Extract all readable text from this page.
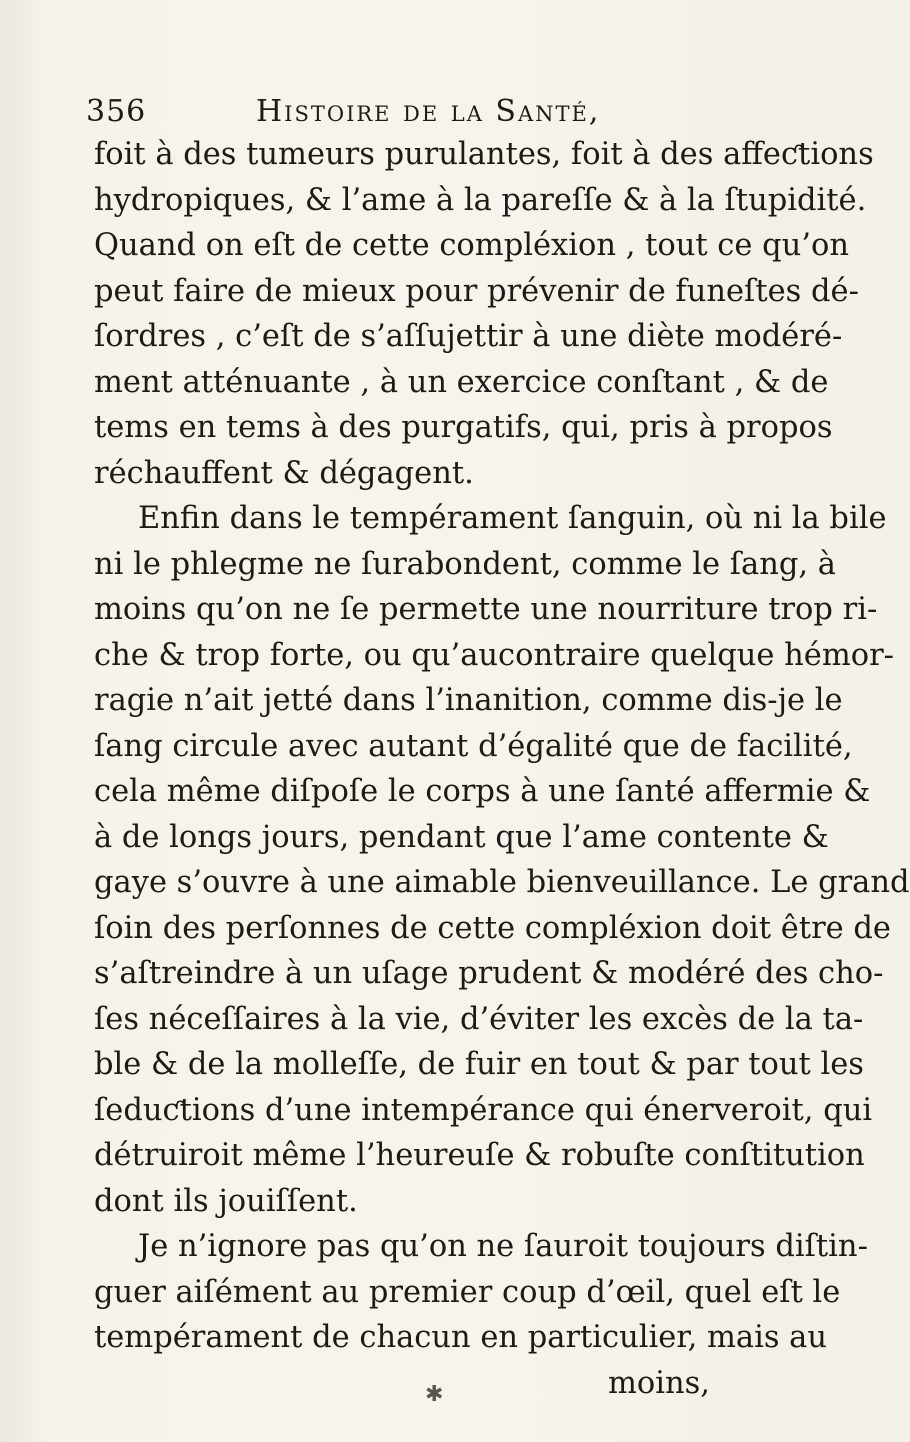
356	Histoire de la Santé,
foit à des tumeurs purulantes, foit à des affeƈtions
hydropiques, & l’ame à la pareſſe & à la ſtupidité.
Quand on eſt de cette compléxion , tout ce qu’on
peut faire de mieux pour prévenir de funeſtes dé-
ſordres , c’eſt de s’aſſujettir à une diète modéré-
ment atténuante , à un exercice conſtant , & de
tems en tems à des purgatifs, qui, pris à propos
réchauffent & dégagent.
Enfin dans le tempérament ſanguin, où ni la bile
ni le phlegme ne ſurabondent, comme le ſang, à
moins qu’on ne ſe permette une nourriture trop ri-
che & trop forte, ou qu’aucontraire quelque hémor-
ragie n’ait jetté dans l’inanition, comme dis-je le
ſang circule avec autant d’égalité que de facilité,
cela même diſpoſe le corps à une ſanté affermie &
à de longs jours, pendant que l’ame contente &
gaye s’ouvre à une aimable bienveuillance. Le grand
ſoin des perſonnes de cette compléxion doit être de
s’aſtreindre à un uſage prudent & modéré des cho-
ſes néceſſaires à la vie, d’éviter les excès de la ta-
ble & de la molleſſe, de fuir en tout & par tout les
ſeduƈtions d’une intempérance qui énerveroit, qui
détruiroit même l’heureuſe & robuſte conſtitution
dont ils jouiſſent.
Je n’ignore pas qu’on ne ſauroit toujours diſtin-
guer aiſément au premier coup d’œil, quel eſt le
tempérament de chacun en particulier, mais au
moins,
✱
